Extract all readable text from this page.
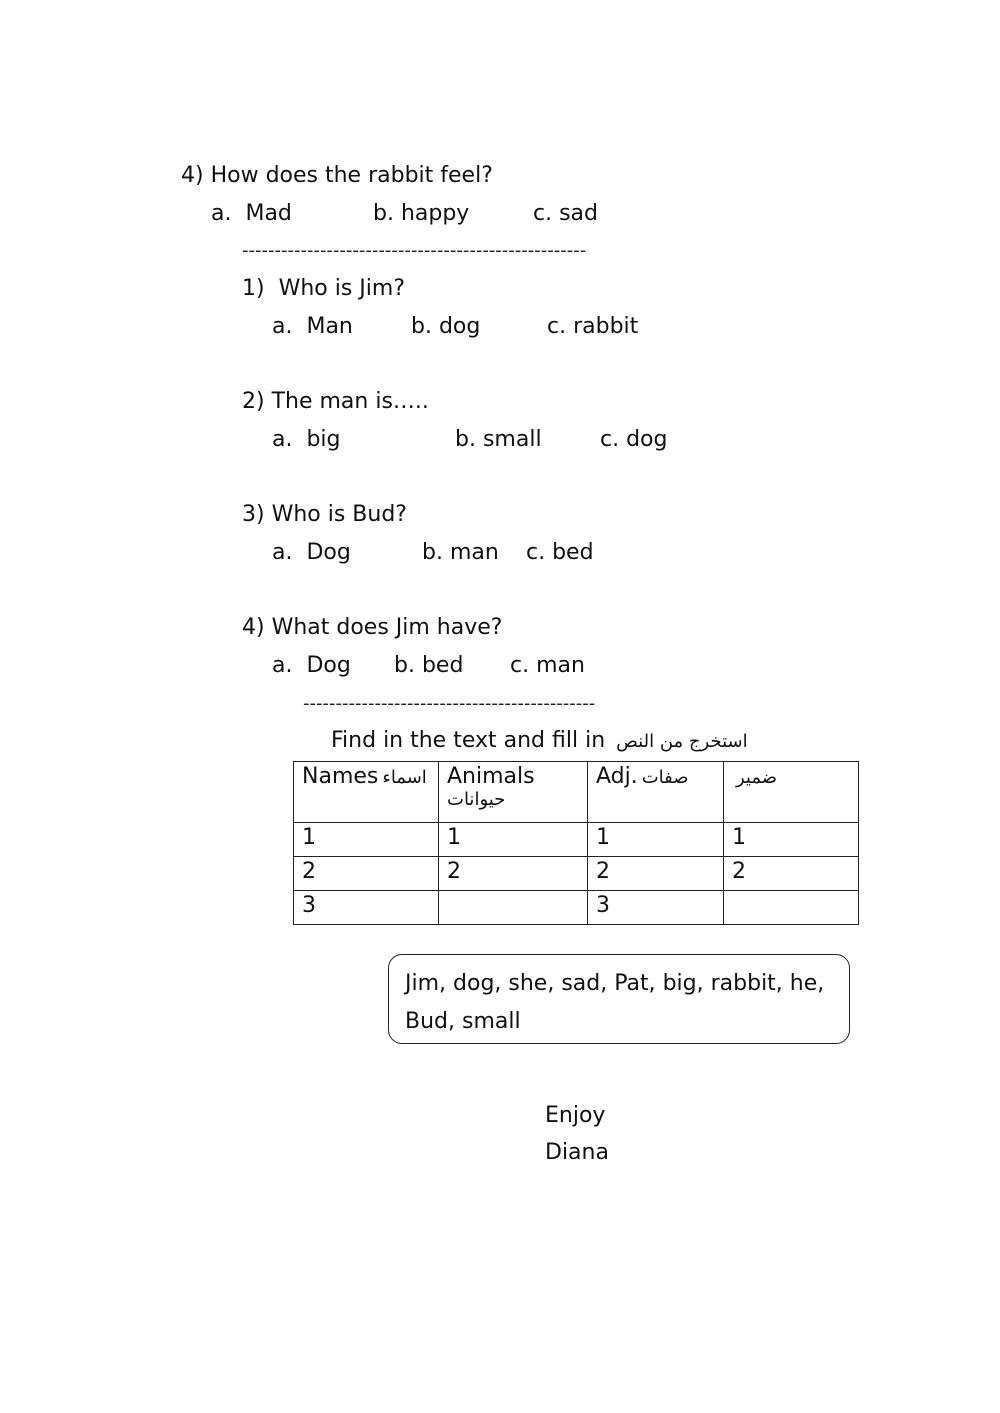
4) How does the rabbit feel?
a.  Mad	b. happy	c. sad
-----------------------------------------------------
1)  Who is Jim?
a.  Man	b. dog	c. rabbit
2) The man is…..
a.  big	b. small	c. dog
3) Who is Bud?
a.  Dog	b. man c. bed
4) What does Jim have?
a.  Dog b. bed c. man
---------------------------------------------
Find in the text and fill in استخرج من النص
Names اسماء	Animals
حيوانات	Adj. صفات	ضمير
1	1	1	1
2	2	2	2
3		3	
Jim, dog, she, sad, Pat, big, rabbit, he,
Bud, small
Enjoy
Diana
